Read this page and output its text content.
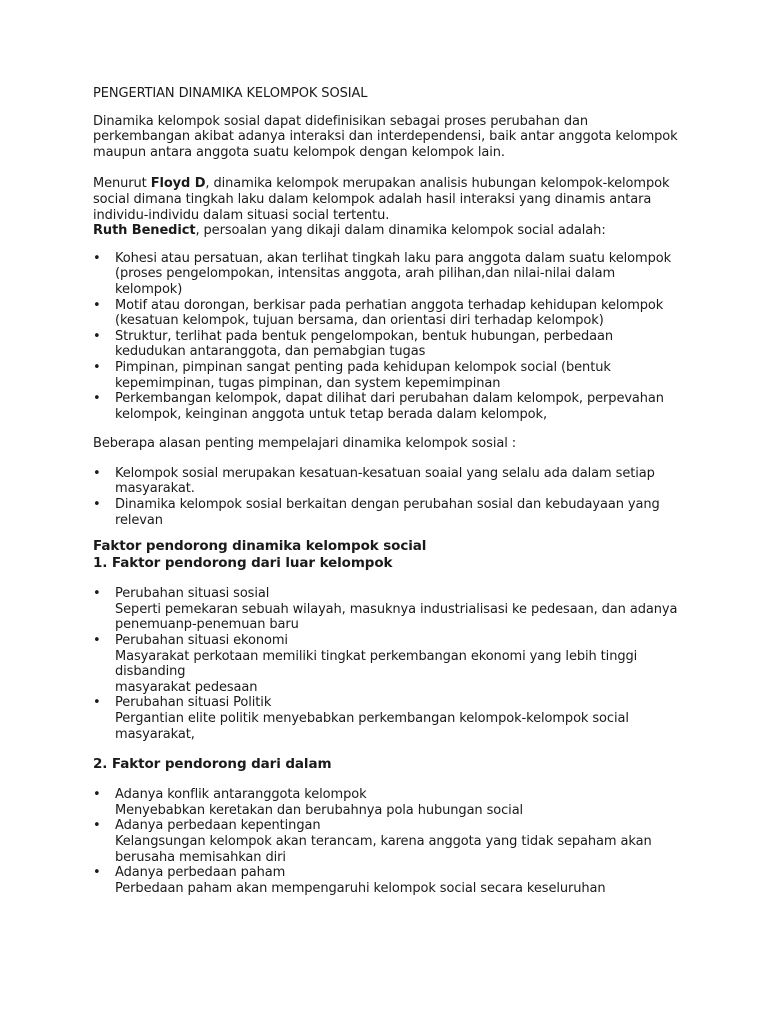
PENGERTIAN DINAMIKA KELOMPOK SOSIAL

Dinamika kelompok sosial dapat didefinisikan sebagai proses perubahan dan perkembangan akibat adanya interaksi dan interdependensi, baik antar anggota kelompok maupun antara anggota suatu kelompok dengan kelompok lain.

Menurut Floyd D, dinamika kelompok merupakan analisis hubungan kelompok-kelompok social dimana tingkah laku dalam kelompok adalah hasil interaksi yang dinamis antara individu-individu dalam situasi social tertentu.

Ruth Benedict, persoalan yang dikaji dalam dinamika kelompok social adalah:

• Kohesi atau persatuan, akan terlihat tingkah laku para anggota dalam suatu kelompok (proses pengelompokan, intensitas anggota, arah pilihan,dan nilai-nilai dalam kelompok)
• Motif atau dorongan, berkisar pada perhatian anggota terhadap kehidupan kelompok (kesatuan kelompok, tujuan bersama, dan orientasi diri terhadap kelompok)
• Struktur, terlihat pada bentuk pengelompokan, bentuk hubungan, perbedaan kedudukan antaranggota, dan pemabgian tugas
• Pimpinan, pimpinan sangat penting pada kehidupan kelompok social (bentuk kepemimpinan, tugas pimpinan, dan system kepemimpinan
• Perkembangan kelompok, dapat dilihat dari perubahan dalam kelompok, perpevahan kelompok, keinginan anggota untuk tetap berada dalam kelompok,

Beberapa alasan penting mempelajari dinamika kelompok sosial :

• Kelompok sosial merupakan kesatuan-kesatuan soaial yang selalu ada dalam setiap masyarakat.
• Dinamika kelompok sosial berkaitan dengan perubahan sosial dan kebudayaan yang relevan

Faktor pendorong dinamika kelompok social

1. Faktor pendorong dari luar kelompok

• Perubahan situasi sosial
Seperti pemekaran sebuah wilayah, masuknya industrialisasi ke pedesaan, dan adanya penemuanp-penemuan baru
• Perubahan situasi ekonomi
Masyarakat perkotaan memiliki tingkat perkembangan ekonomi yang lebih tinggi disbanding
masyarakat pedesaan
• Perubahan situasi Politik
Pergantian elite politik menyebabkan perkembangan kelompok-kelompok social masyarakat,

2. Faktor pendorong dari dalam

• Adanya konflik antaranggota kelompok
Menyebabkan keretakan dan berubahnya pola hubungan social
• Adanya perbedaan kepentingan
Kelangsungan kelompok akan terancam, karena anggota yang tidak sepaham akan berusaha memisahkan diri
• Adanya perbedaan paham
Perbedaan paham akan mempengaruhi kelompok social secara keseluruhan
